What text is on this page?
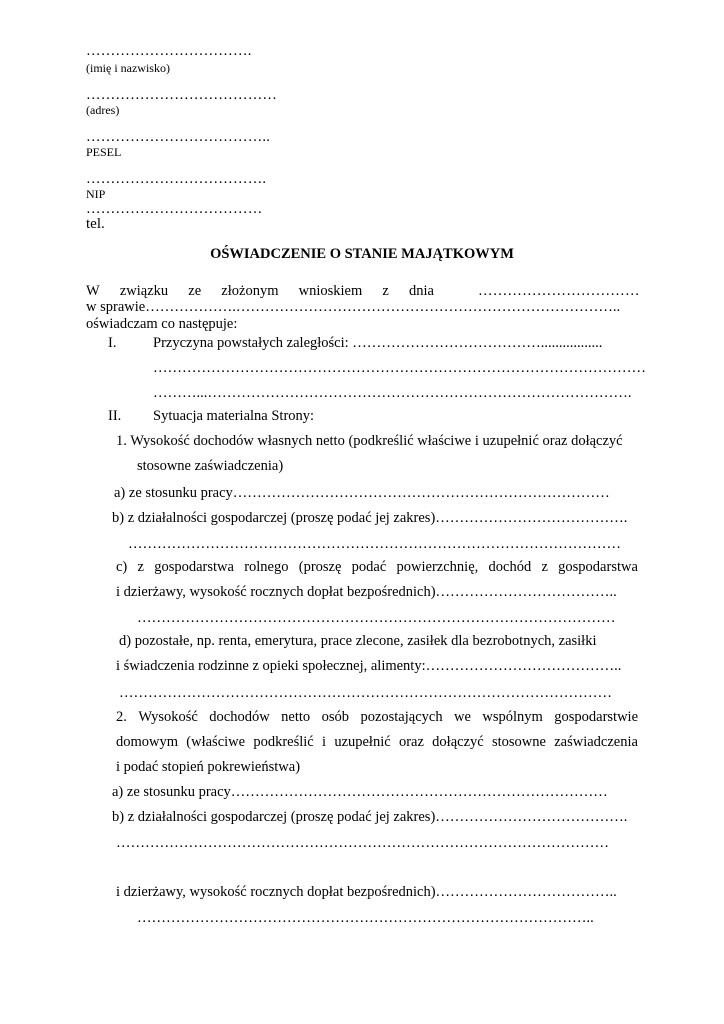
…………………………….
(imię i nazwisko)
…………………………………
(adres)
………………………………..
PESEL
……………………………….
NIP
………………………………
tel.
OŚWIADCZENIE O STANIE MAJĄTKOWYM
W związku ze złożonym wnioskiem z dnia	……………………………
w sprawie……………….……………………………………………………………………..
oświadczam co następuje:
I.	Przyczyna powstałych zaległości: ………………………………….................
…………………………………………………………………………………………
………...…………………………………………………………………………….
II. Sytuacja materialna Strony:
1. Wysokość dochodów własnych netto (podkreślić właściwe i uzupełnić oraz dołączyć
stosowne zaświadczenia)
a) ze stosunku pracy……………………………………………………………………
b) z działalności gospodarczej (proszę podać jej zakres)………………………………….
…………………………………………………………………………………………
c) z gospodarstwa rolnego (proszę podać powierzchnię, dochód z gospodarstwa
i dzierżawy, wysokość rocznych dopłat bezpośrednich)………………………………..
………………………………………………………………………………………
d) pozostałe, np. renta, emerytura, prace zlecone, zasiłek dla bezrobotnych, zasiłki
i świadczenia rodzinne z opieki społecznej, alimenty:…………………………………..
…………………………………………………………………………………………
2. Wysokość dochodów netto osób pozostających we wspólnym gospodarstwie
domowym (właściwe podkreślić i uzupełnić oraz dołączyć stosowne zaświadczenia
i podać stopień pokrewieństwa)
a) ze stosunku pracy……………………………………………………………………
b) z działalności gospodarczej (proszę podać jej zakres)………………………………….
…………………………………………………………………………………………
i dzierżawy, wysokość rocznych dopłat bezpośrednich)………………………………..
…………………………………………………………………………………..
